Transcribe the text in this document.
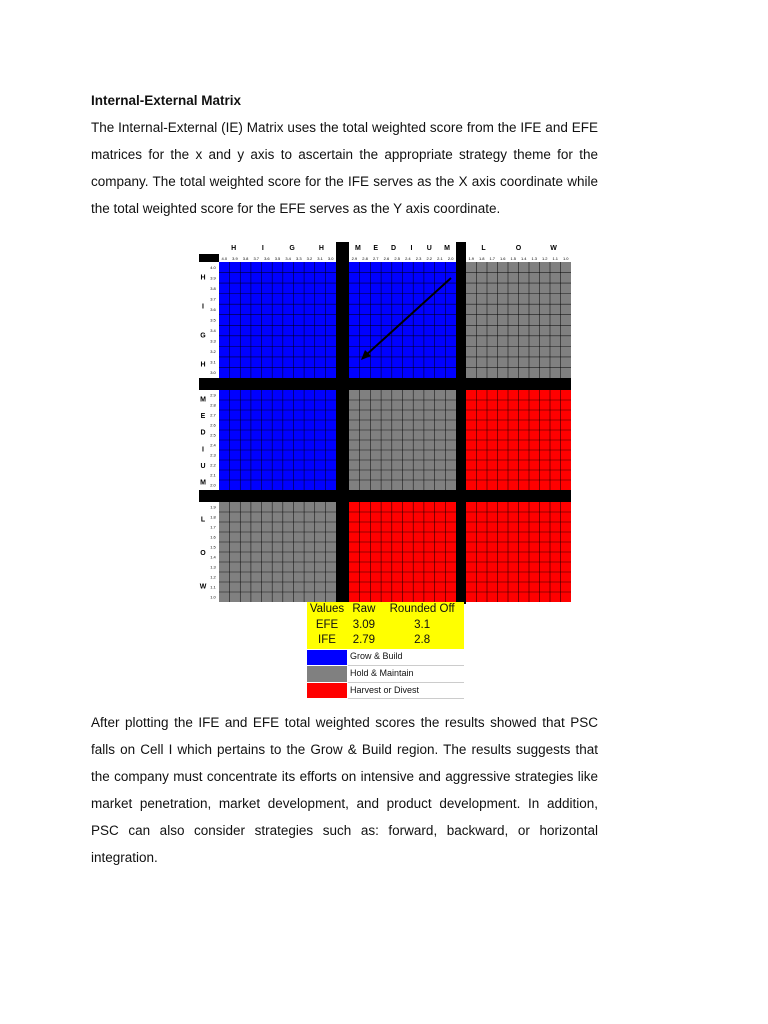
Internal-External Matrix

The Internal-External (IE) Matrix uses the total weighted score from the IFE and EFE matrices for the x and y axis to ascertain the appropriate strategy theme for the company. The total weighted score for the IFE serves as the X axis coordinate while the total weighted score for the EFE serves as the Y axis coordinate.

H	I	G	H
4.0 3.9 3.8 3.7 3.6 3.5 3.4 3.3 3.2 3.1 3.0
M E D I U M
2.9 2.8 2.7 2.6 2.5 2.4 2.3 2.2 2.1 2.0
L	O	W
1.9 1.8 1.7 1.6 1.5 1.4 1.3 1.2 1.1 1.0
H
I
G
H
4.0
3.9
3.8
3.7
3.6
3.5
3.4
3.3
3.2
3.1
3.0
M
E
D
I
U
M
2.9
2.8
2.7
2.6
2.5
2.4
2.3
2.2
2.1
2.0
L
O
W
1.9
1.8
1.7
1.6
1.5
1.4
1.3
1.2
1.1
1.0
Values	Raw	Rounded Off
EFE	3.09	3.1
IFE	2.79	2.8
	Grow & Build	
	Hold & Maintain	
	Harvest or Divest	

After plotting the IFE and EFE total weighted scores the results showed that PSC falls on Cell I which pertains to the Grow & Build region. The results suggests that the company must concentrate its efforts on intensive and aggressive strategies like market penetration, market development, and product development. In addition, PSC can also consider strategies such as: forward, backward, or horizontal integration.
